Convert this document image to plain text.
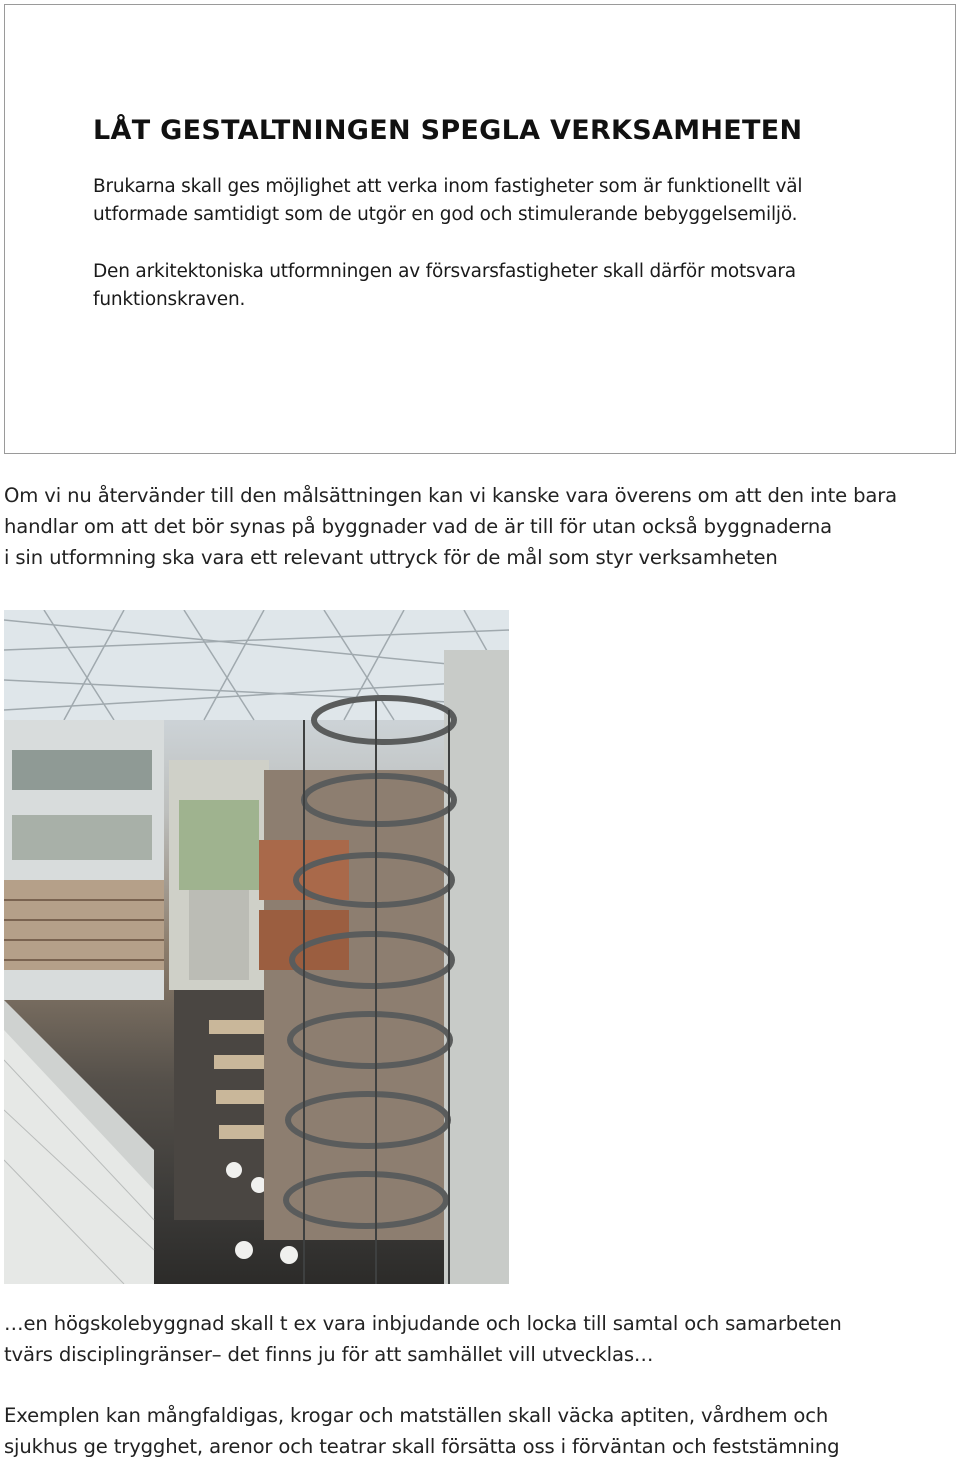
LÅT GESTALTNINGEN SPEGLA VERKSAMHETEN

Brukarna skall ges möjlighet att verka inom fastigheter som är funktionellt väl utformade samtidigt som de utgör en god och stimulerande bebyggelsemiljö.

Den arkitektoniska utformningen av försvarsfastigheter skall därför motsvara funktionskraven.

Om vi nu återvänder till den målsättningen kan vi kanske vara överens om att den inte bara
handlar om att det bör synas på byggnader vad de är till för utan också byggnaderna
i sin utformning ska vara ett relevant uttryck för de mål som styr verksamheten

…en högskolebyggnad skall t ex vara inbjudande och locka till samtal och samarbeten
tvärs disciplingränser– det finns ju för att samhället vill utvecklas…

Exemplen kan mångfaldigas, krogar och matställen skall väcka aptiten, vårdhem och
sjukhus ge trygghet, arenor och teatrar skall försätta oss i förväntan och feststämning
